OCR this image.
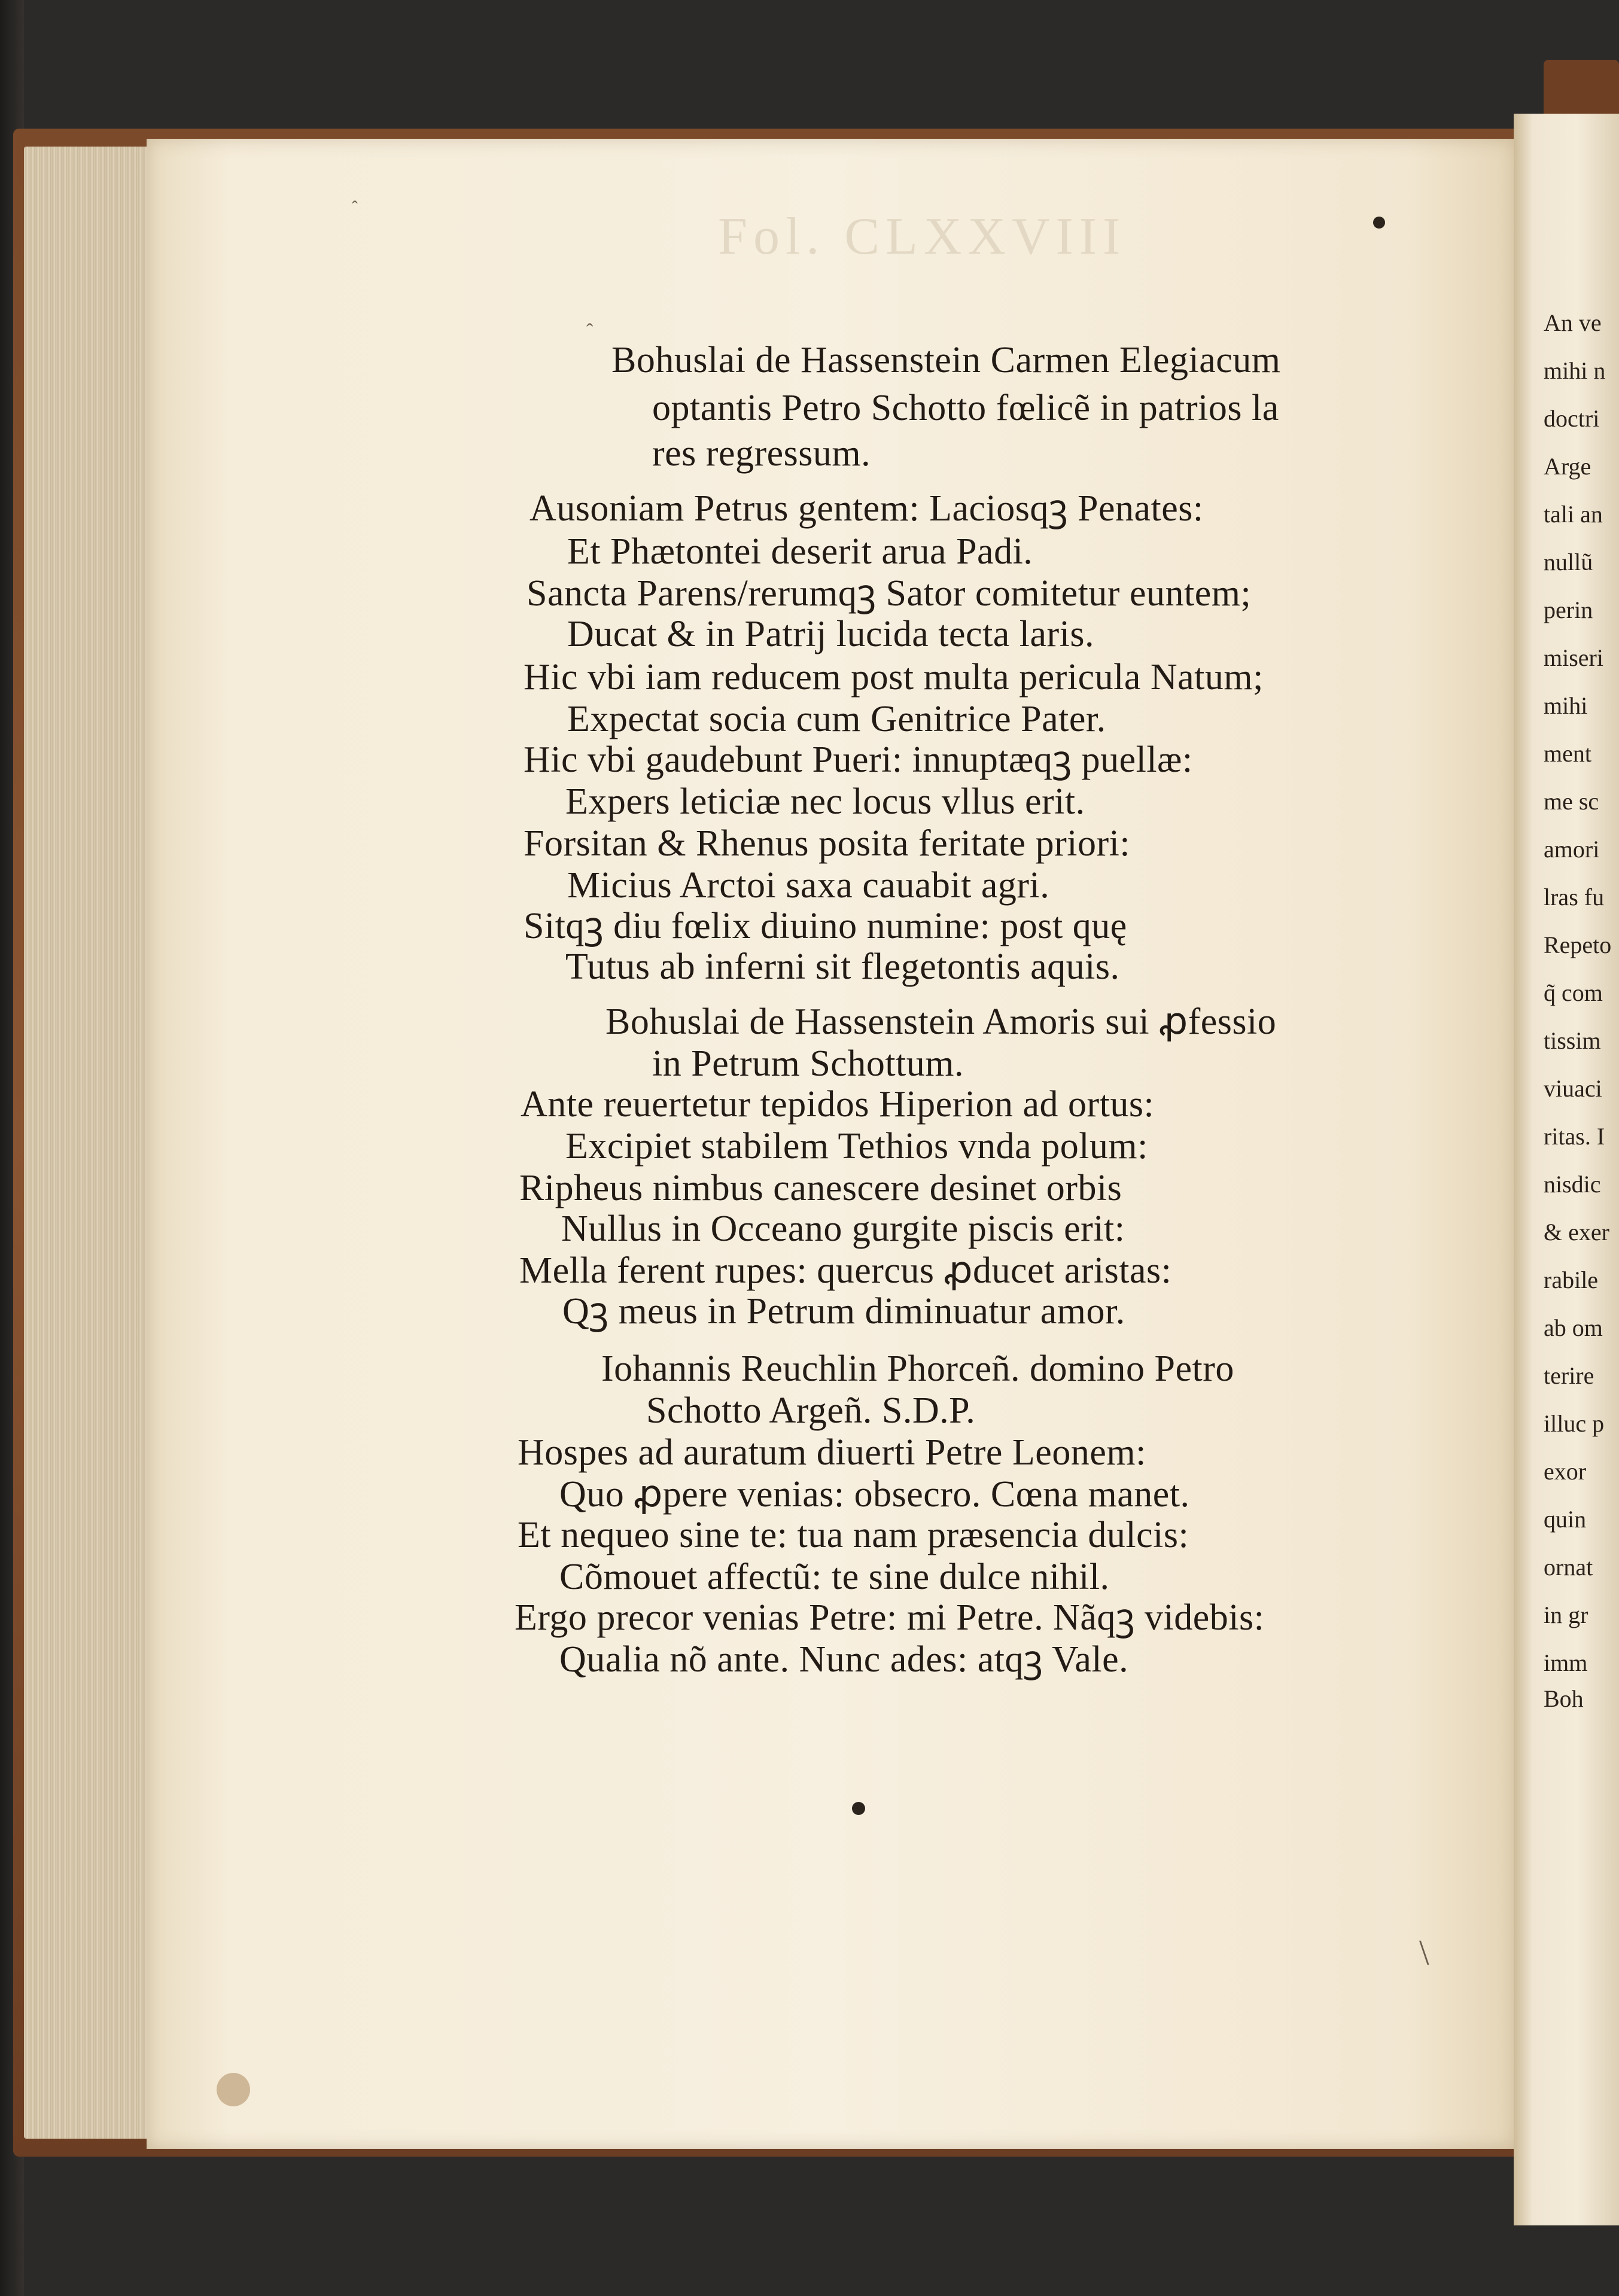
Fol. CLXXVIII
\
ˆ
ˆ
Bohuslai de Hassenstein Carmen Elegiacum
optantis Petro Schotto fœlicẽ in patrios la
res regressum.
Ausoniam Petrus gentem: Laciosqꝫ Penates:
Et Phætontei deserit arua Padi.
Sancta Parens/rerumqꝫ Sator comitetur euntem;
Ducat & in Patrij lucida tecta laris.
Hic vbi iam reducem post multa pericula Natum;
Expectat socia cum Genitrice Pater.
Hic vbi gaudebunt Pueri: innuptæqꝫ puellæ:
Expers leticiæ nec locus vllus erit.
Forsitan & Rhenus posita feritate priori:
Micius Arctoi saxa cauabit agri.
Sitqꝫ diu fœlix diuino numine: post quę
Tutus ab inferni sit flegetontis aquis.
Bohuslai de Hassenstein Amoris sui ꝓfessio
in Petrum Schottum.
Ante reuertetur tepidos Hiperion ad ortus:
Excipiet stabilem Tethios vnda polum:
Ripheus nimbus canescere desinet orbis
Nullus in Occeano gurgite piscis erit:
Mella ferent rupes: quercus ꝓducet aristas:
Qꝫ meus in Petrum diminuatur amor.
Iohannis Reuchlin Phorceñ. domino Petro
Schotto Argeñ. S.D.P.
Hospes ad auratum diuerti Petre Leonem:
Quo ꝓpere venias: obsecro. Cœna manet.
Et nequeo sine te: tua nam præsencia dulcis:
Cõmouet affectũ: te sine dulce nihil.
Ergo precor venias Petre: mi Petre. Nãqꝫ videbis:
Qualia nõ ante. Nunc ades: atqꝫ Vale.
An ve
mihi n
doctri
Arge
tali an
nullũ
perin
miseri
mihi
ment
me sc
amori
lras fu
Repeto
q̃ com
tissim
viuaci
ritas. I
nisdic
& exer
rabile
ab om
terire
illuc p
exor
quin
ornat
in gr
imm
Boh
